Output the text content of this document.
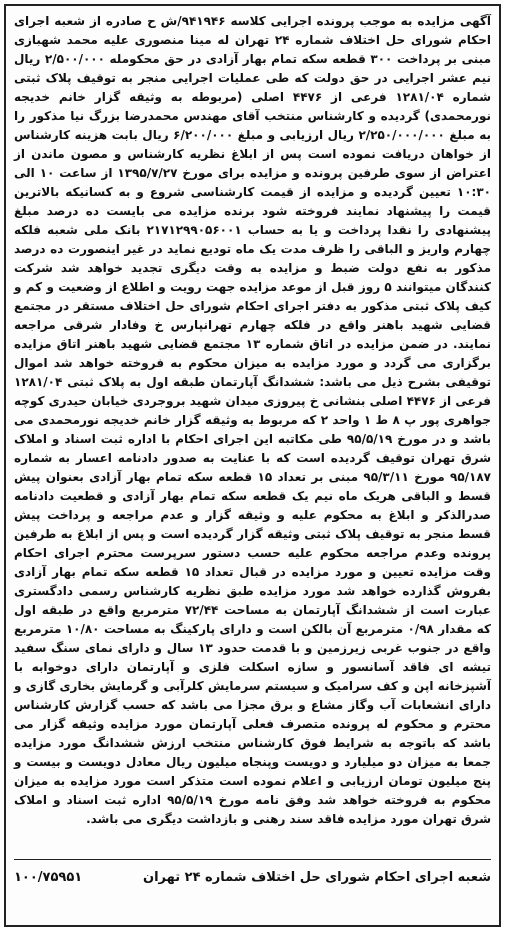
آگهی مزایده به موجب پرونده اجرایی کلاسه ۹۴۱۹۴۶/ش ح صادره از شعبه اجرای احکام شورای حل اختلاف شماره ۲۴ تهران له مینا منصوری علیه محمد شهبازی مبنی بر پرداخت ۳۰۰ قطعه سکه تمام بهار آزادی در حق محکومله ۲/۵۰۰/۰۰۰ ریال نیم عشر اجرایی در حق دولت که طی عملیات اجرایی منجر به توقیف پلاک ثبتی شماره ۱۲۸۱/۰۴ فرعی از ۴۴۷۶ اصلی (مربوطه به وثیقه گزار خانم خدیجه نورمحمدی) گردیده و کارشناس منتخب آقای مهندس محمدرضا بزرگ نیا مذکور را به مبلغ ۲/۲۵۰/۰۰۰/۰۰۰ ریال ارزیابی و مبلغ ۶/۲۰۰/۰۰۰ ریال بابت هزینه کارشناس از خواهان دریافت نموده است پس از ابلاغ نظریه کارشناس و مصون ماندن از اعتراض از سوی طرفین پرونده و مزایده برای مورخ ۱۳۹۵/۷/۲۷ از ساعت ۱۰ الی ۱۰:۳۰ تعیین گردیده و مزایده از قیمت کارشناسی شروع و به کسانیکه بالاترین قیمت را پیشنهاد نمایند فروخته شود برنده مزایده می بایست ده درصد مبلغ پیشنهادی را نقدا پرداخت و یا به حساب ۲۱۷۱۲۹۹۰۵۶۰۰۱ بانک ملی شعبه فلکه چهارم واریز و الباقی را ظرف مدت یک ماه تودیع نماید در غیر اینصورت ده درصد مذکور به نفع دولت ضبط و مزایده به وقت دیگری تجدید خواهد شد شرکت کنندگان میتوانند ۵ روز قبل از موعد مزایده جهت رویت و اطلاع از وضعیت و کم و کیف پلاک ثبتی مذکور به دفتر اجرای احکام شورای حل اختلاف مستقر در مجتمع قضایی شهید باهنر واقع در فلکه چهارم تهرانپارس خ وفادار شرقی مراجعه نمایند. در ضمن مزایده در اتاق شماره ۱۳ مجتمع قضایی شهید باهنر اتاق مزایده برگزاری می گردد و مورد مزایده به میزان محکوم به فروخته خواهد شد اموال توقیفی بشرح ذیل می باشد: ششدانگ آپارتمان طبقه اول به پلاک ثبتی ۱۲۸۱/۰۴ فرعی از ۴۴۷۶ اصلی بنشانی خ پیروزی میدان شهید بروجردی خیابان حیدری کوچه جواهری پور پ ۸ ط ۱ واحد ۲ که مربوط به وثیقه گزار خانم خدیجه نورمحمدی می باشد و در مورخ ۹۵/۵/۱۹ طی مکاتبه این اجرای احکام با اداره ثبت اسناد و املاک شرق تهران توقیف گردیده است که با عنایت به صدور دادنامه اعسار به شماره ۹۵/۱۸۷ مورخ ۹۵/۳/۱۱ مبنی بر تعداد ۱۵ قطعه سکه تمام بهار آزادی بعنوان پیش قسط و الباقی هریک ماه نیم یک قطعه سکه تمام بهار آزادی و قطعیت دادنامه صدرالذکر و ابلاغ به محکوم علیه و وثیقه گزار و عدم مراجعه و پرداخت پیش قسط منجر به توقیف پلاک ثبتی وثیقه گزار گردیده است و پس از ابلاغ به طرفین پرونده وعدم مراجعه محکوم علیه حسب دستور سرپرست محترم اجرای احکام وقت مزایده تعیین و مورد مزایده در قبال تعداد ۱۵ قطعه سکه تمام بهار آزادی بفروش گذارده خواهد شد مورد مزایده طبق نظریه کارشناس رسمی دادگستری عبارت است از ششدانگ آپارتمان به مساحت ۷۲/۴۴ مترمربع واقع در طبقه اول که مقدار ۰/۹۸ مترمربع آن بالکن است و دارای پارکینگ به مساحت ۱۰/۸۰ مترمربع واقع در جنوب غربی زیرزمین و با قدمت حدود ۱۳ سال و دارای نمای سنگ سفید تیشه ای فاقد آسانسور و سازه اسکلت فلزی و آپارتمان دارای دوخوابه با آشپزخانه اپن و کف سرامیک و سیستم سرمایش کلرآبی و گرمایش بخاری گازی و دارای انشعابات آب وگاز مشاع و برق مجزا می باشد که حسب گزارش کارشناس محترم و محکوم له پرونده متصرف فعلی آپارتمان مورد مزایده وثیقه گزار می باشد که باتوجه به شرایط فوق کارشناس منتخب ارزش ششدانگ مورد مزایده جمعا به میزان دو میلیارد و دویست وپنجاه میلیون ریال معادل دویست و بیست و پنج میلیون تومان ارزیابی و اعلام نموده است متذکر است مورد مزایده به میزان محکوم به فروخته خواهد شد وفق نامه مورخ ۹۵/۵/۱۹ اداره ثبت اسناد و املاک شرق تهران مورد مزایده فاقد سند رهنی و بازداشت دیگری می باشد.
شعبه اجرای احکام شورای حل اختلاف شماره ۲۴ تهران
۱۰۰/۷۵۹۵۱
